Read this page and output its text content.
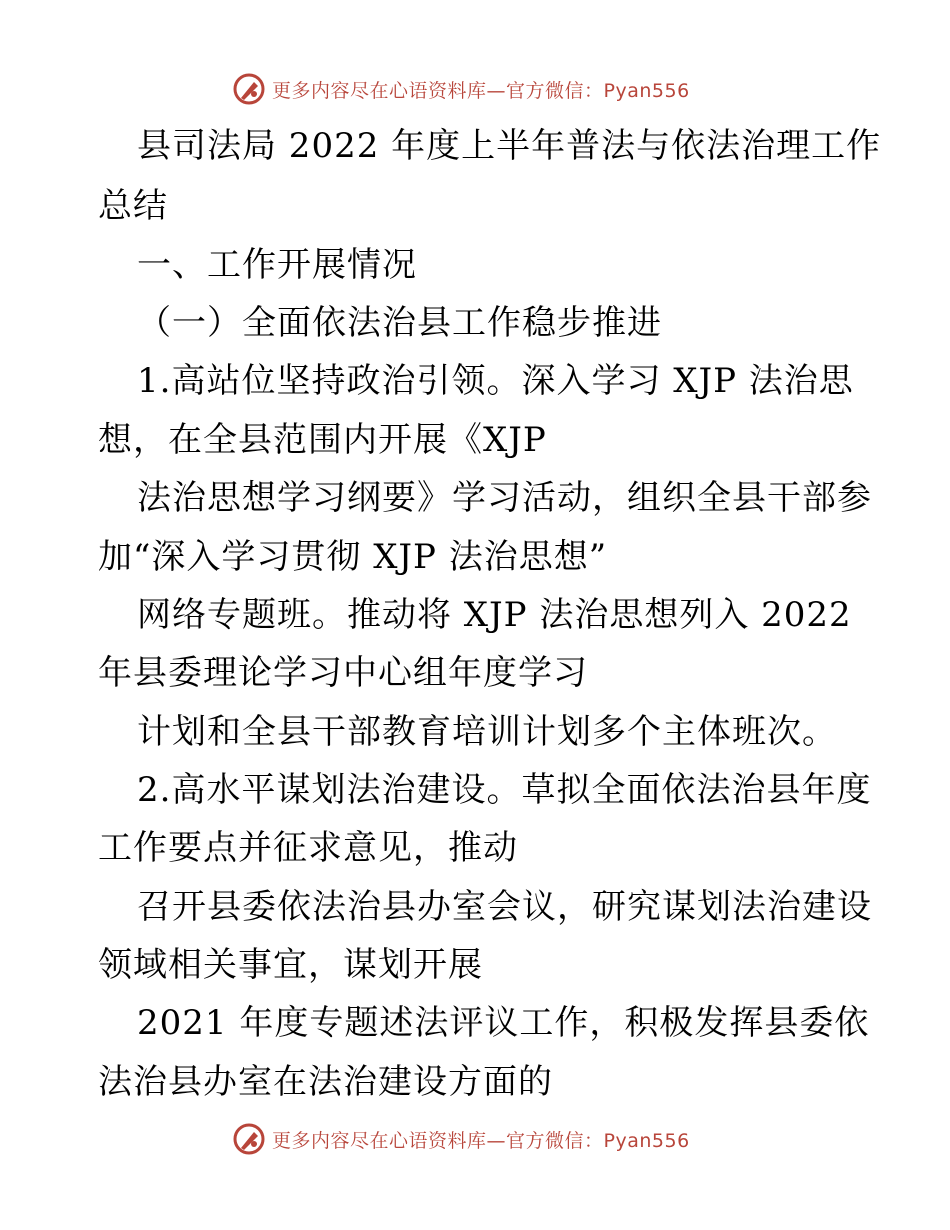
更多内容尽在心语资料库—官方微信：Pyan556
县司法局 2022 年度上半年普法与依法治理工作
总结
一、工作开展情况
（一）全面依法治县工作稳步推进
1.高站位坚持政治引领。深入学习 XJP 法治思
想，在全县范围内开展《XJP
法治思想学习纲要》学习活动，组织全县干部参
加“深入学习贯彻 XJP 法治思想”
网络专题班。推动将 XJP 法治思想列入 2022
年县委理论学习中心组年度学习
计划和全县干部教育培训计划多个主体班次。
2.高水平谋划法治建设。草拟全面依法治县年度
工作要点并征求意见，推动
召开县委依法治县办室会议，研究谋划法治建设
领域相关事宜，谋划开展
2021 年度专题述法评议工作，积极发挥县委依
法治县办室在法治建设方面的
更多内容尽在心语资料库—官方微信：Pyan556
